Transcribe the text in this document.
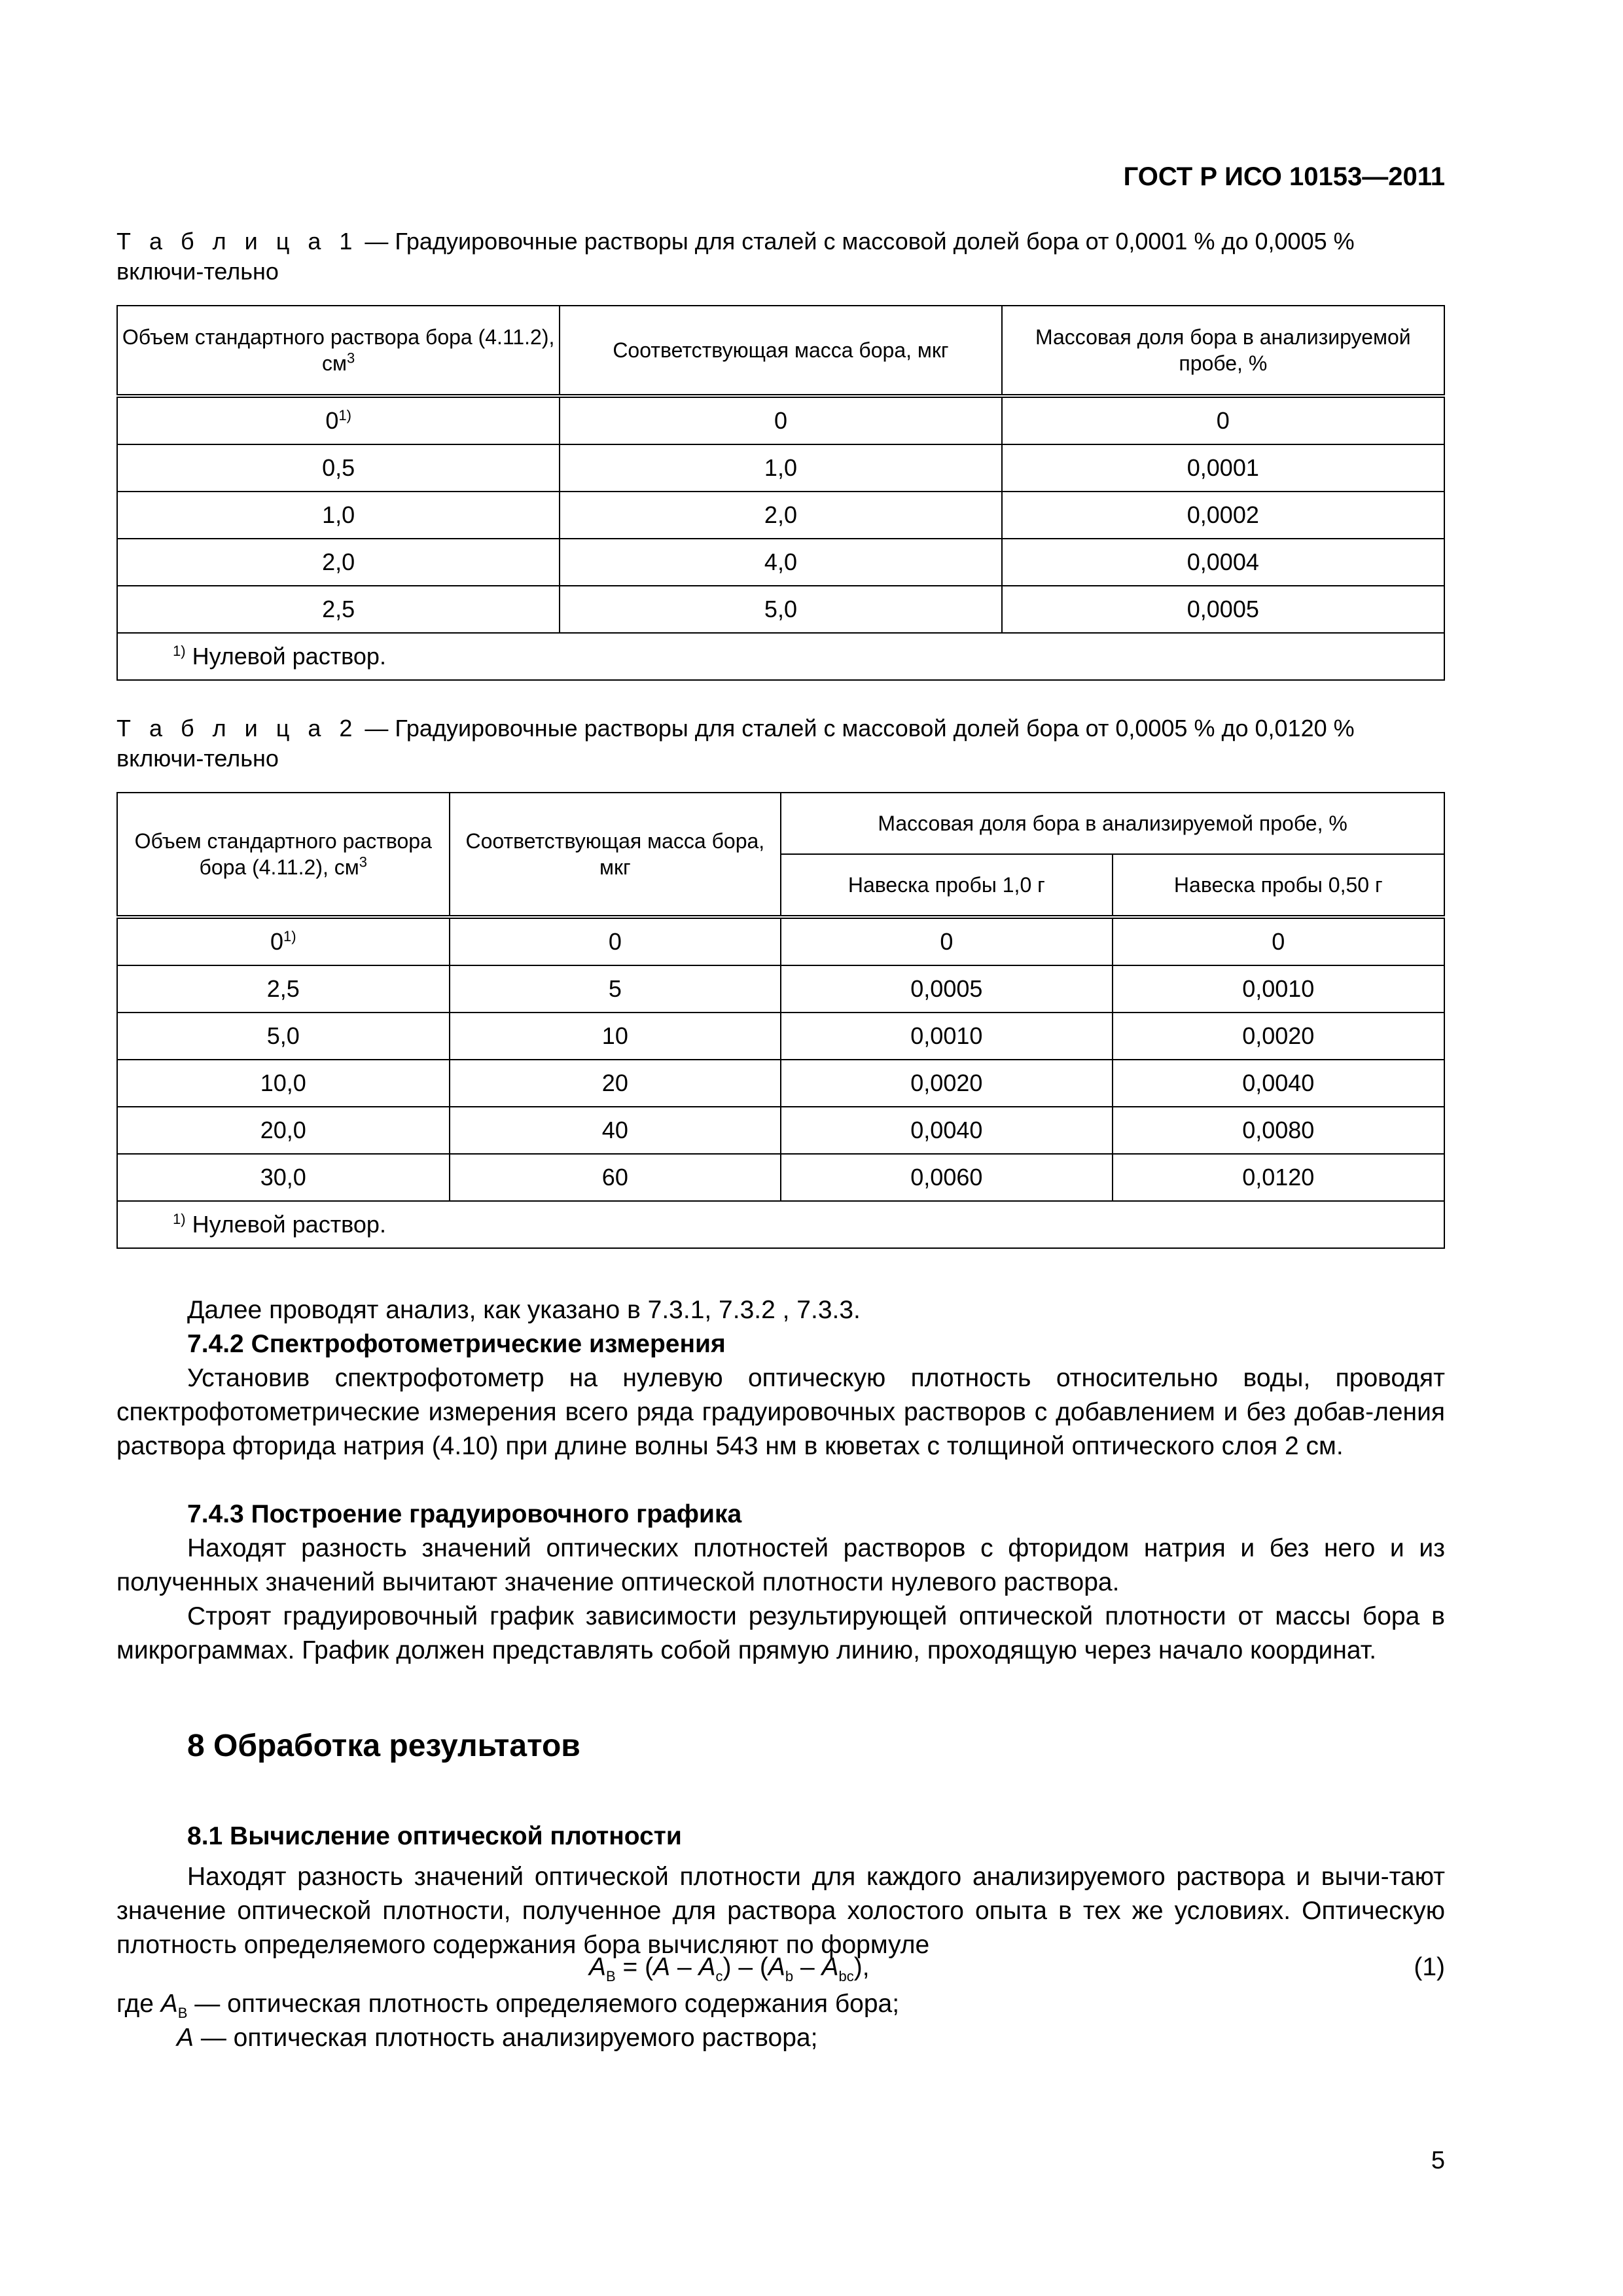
ГОСТ Р ИСО 10153—2011
Т а б л и ц а 1 — Градуировочные растворы для сталей с массовой долей бора от 0,0001 % до 0,0005 % включи-тельно
Объем стандартного раствора бора (4.11.2), $см^3$	Соответствующая масса бора, мкг	Массовая доля бора в анализируемой пробе, %
0$^{1)}$	0	0
0,5	1,0	0,0001
1,0	2,0	0,0002
2,0	4,0	0,0004
2,5	5,0	0,0005
$^{1)}$ Нулевой раствор.		
Т а б л и ц а 2 — Градуировочные растворы для сталей с массовой долей бора от 0,0005 % до 0,0120 % включи-тельно
Объем стандартного раствора бора (4.11.2), $см^3$	Соответствующая масса бора, мкг	Массовая доля бора в анализируемой пробе, %	
		Навеска пробы 1,0 г	Навеска пробы 0,50 г
0$^{1)}$	0	0	0
2,5	5	0,0005	0,0010
5,0	10	0,0010	0,0020
10,0	20	0,0020	0,0040
20,0	40	0,0040	0,0080
30,0	60	0,0060	0,0120
$^{1)}$ Нулевой раствор.			
Далее проводят анализ, как указано в 7.3.1, 7.3.2 , 7.3.3.
7.4.2 Спектрофотометрические измерения
Установив спектрофотометр на нулевую оптическую плотность относительно воды, проводят спектрофотометрические измерения всего ряда градуировочных растворов с добавлением и без добав-ления раствора фторида натрия (4.10) при длине волны 543 нм в кюветах с толщиной оптического слоя 2 см.
7.4.3 Построение градуировочного графика
Находят разность значений оптических плотностей растворов с фторидом натрия и без него и из полученных значений вычитают значение оптической плотности нулевого раствора.
Строят градуировочный график зависимости результирующей оптической плотности от массы бора в микрограммах. График должен представлять собой прямую линию, проходящую через начало координат.
8 Обработка результатов
8.1 Вычисление оптической плотности
Находят разность значений оптической плотности для каждого анализируемого раствора и вычи-тают значение оптической плотности, полученное для раствора холостого опыта в тех же условиях. Оптическую плотность определяемого содержания бора вычисляют по формуле
$A_B = (A - A_c) - (A_b - A_{bc})$,	(1)
где $A_B$ — оптическая плотность определяемого содержания бора;
A — оптическая плотность анализируемого раствора;
5
